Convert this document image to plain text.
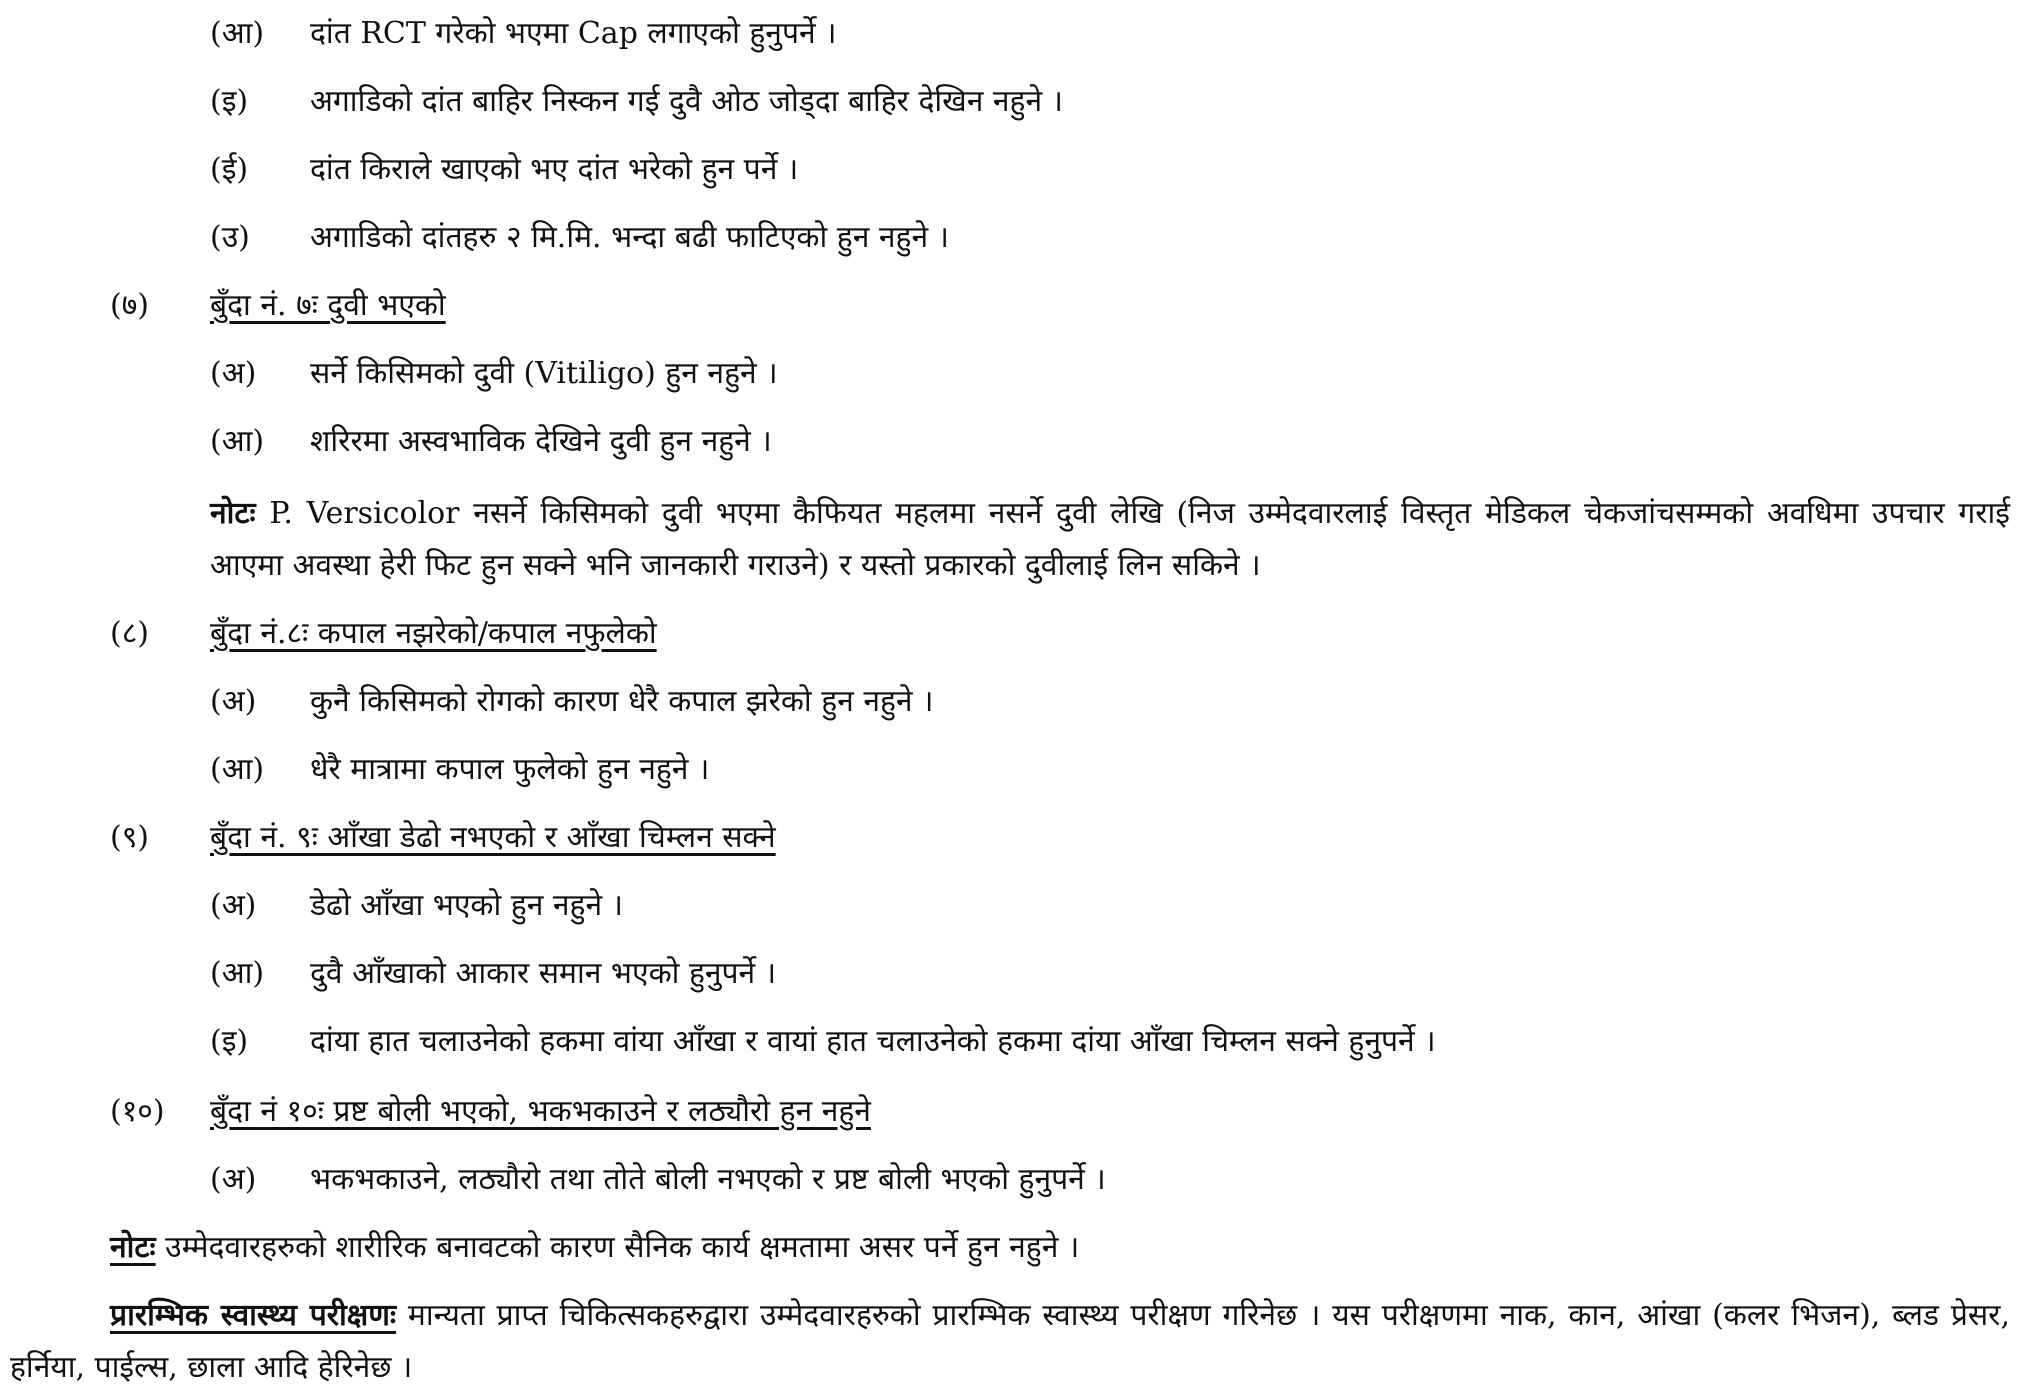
(आ) दांत RCT गरेको भएमा Cap लगाएको हुनुपर्ने ।
(इ) अगाडिको दांत बाहिर निस्कन गई दुवै ओठ जोड्दा बाहिर देखिन नहुने ।
(ई) दांत किराले खाएको भए दांत भरेको हुन पर्ने ।
(उ) अगाडिको दांतहरु २ मि.मि. भन्दा बढी फाटिएको हुन नहुने ।
(७) बुँदा नं. ७ः दुवी भएको
(अ) सर्ने किसिमको दुवी (Vitiligo) हुन नहुने ।
(आ) शरिरमा अस्वभाविक देखिने दुवी हुन नहुने ।
नोटः P. Versicolor नसर्ने किसिमको दुवी भएमा कैफियत महलमा नसर्ने दुवी लेखि (निज उम्मेदवारलाई विस्तृत मेडिकल चेकजांचसम्मको अवधिमा उपचार गराई आएमा अवस्था हेरी फिट हुन सक्ने भनि जानकारी गराउने) र यस्तो प्रकारको दुवीलाई लिन सकिने ।
(८) बुँदा नं.८ः कपाल नझरेको/कपाल नफुलेको
(अ) कुनै किसिमको रोगको कारण धेरै कपाल झरेको हुन नहुने ।
(आ) धेरै मात्रामा कपाल फुलेको हुन नहुने ।
(९) बुँदा नं. ९ः आँखा डेढो नभएको र आँखा चिम्लन सक्ने
(अ) डेढो आँखा भएको हुन नहुने ।
(आ) दुवै आँखाको आकार समान भएको हुनुपर्ने ।
(इ) दांया हात चलाउनेको हकमा वांया आँखा र वायां हात चलाउनेको हकमा दांया आँखा चिम्लन सक्ने हुनुपर्ने ।
(१०) बुँदा नं १०ः प्रष्ट बोली भएको, भकभकाउने र लठ्यौरो हुन नहुने
(अ) भकभकाउने, लठ्यौरो तथा तोते बोली नभएको र प्रष्ट बोली भएको हुनुपर्ने ।
नोटः उम्मेदवारहरुको शारीरिक बनावटको कारण सैनिक कार्य क्षमतामा असर पर्ने हुन नहुने ।
प्रारम्भिक स्वास्थ्य परीक्षणः मान्यता प्राप्त चिकित्सकहरुद्वारा उम्मेदवारहरुको प्रारम्भिक स्वास्थ्य परीक्षण गरिनेछ । यस परीक्षणमा नाक, कान, आंखा (कलर भिजन), ब्लड प्रेसर, हर्निया, पाईल्स, छाला आदि हेरिनेछ ।
